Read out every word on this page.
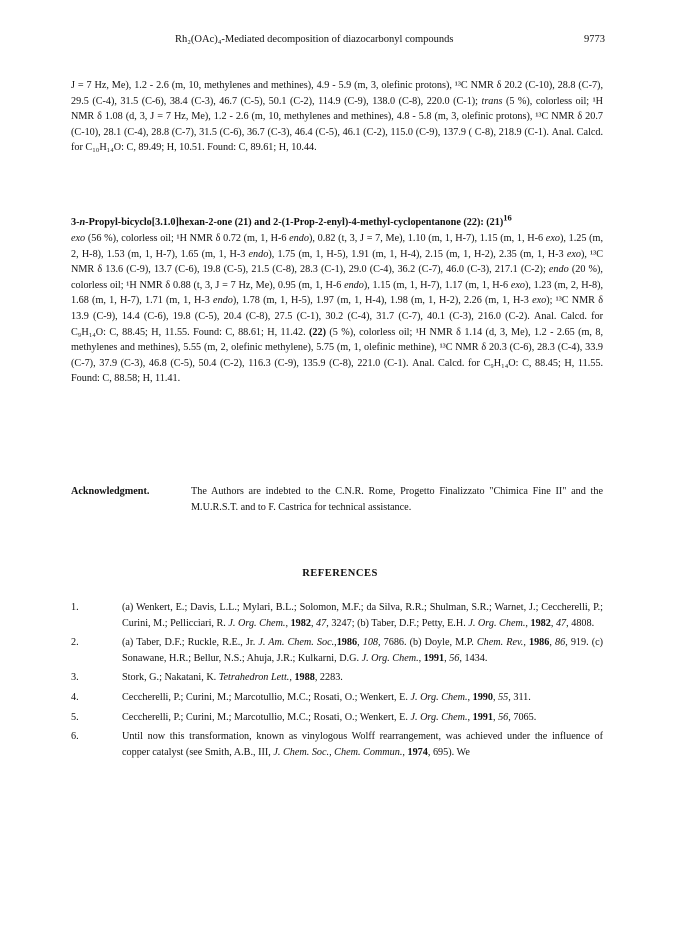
Rh₂(OAc)₄-Mediated decomposition of diazocarbonyl compounds	9773

J = 7 Hz, Me), 1.2 - 2.6 (m, 10, methylenes and methines), 4.9 - 5.9 (m, 3, olefinic protons), ¹³C NMR δ 20.2 (C-10), 28.8 (C-7), 29.5 (C-4), 31.5 (C-6), 38.4 (C-3), 46.7 (C-5), 50.1 (C-2), 114.9 (C-9), 138.0 (C-8), 220.0 (C-1); trans (5 %), colorless oil; ¹H NMR δ 1.08 (d, 3, J = 7 Hz, Me), 1.2 - 2.6 (m, 10, methylenes and methines), 4.8 - 5.8 (m, 3, olefinic protons), ¹³C NMR δ 20.7 (C-10), 28.1 (C-4), 28.8 (C-7), 31.5 (C-6), 36.7 (C-3), 46.4 (C-5), 46.1 (C-2), 115.0 (C-9), 137.9 ( C-8), 218.9 (C-1). Anal. Calcd. for C₁₀H₁₄O: C, 89.49; H, 10.51. Found: C, 89.61; H, 10.44.

3-n-Propyl-bicyclo[3.1.0]hexan-2-one (21) and 2-(1-Prop-2-enyl)-4-methyl-cyclopentanone (22): $(21)^{16}$
exo (56 %), colorless oil; ¹H NMR δ 0.72 (m, 1, H-6 endo), 0.82 (t, 3, J = 7, Me), 1.10 (m, 1, H-7), 1.15 (m, 1, H-6 exo), 1.25 (m, 2, H-8), 1.53 (m, 1, H-7), 1.65 (m, 1, H-3 endo), 1.75 (m, 1, H-5), 1.91 (m, 1, H-4), 2.15 (m, 1, H-2), 2.35 (m, 1, H-3 exo), ¹³C NMR δ 13.6 (C-9), 13.7 (C-6), 19.8 (C-5), 21.5 (C-8), 28.3 (C-1), 29.0 (C-4), 36.2 (C-7), 46.0 (C-3), 217.1 (C-2); endo (20 %), colorless oil; ¹H NMR δ 0.88 (t, 3, J = 7 Hz, Me), 0.95 (m, 1, H-6 endo), 1.15 (m, 1, H-7), 1.17 (m, 1, H-6 exo), 1.23 (m, 2, H-8), 1.68 (m, 1, H-7), 1.71 (m, 1, H-3 endo), 1.78 (m, 1, H-5), 1.97 (m, 1, H-4), 1.98 (m, 1, H-2), 2.26 (m, 1, H-3 exo); ¹³C NMR δ 13.9 (C-9), 14.4 (C-6), 19.8 (C-5), 20.4 (C-8), 27.5 (C-1), 30.2 (C-4), 31.7 (C-7), 40.1 (C-3), 216.0 (C-2). Anal. Calcd. for C₉H₁₄O: C, 88.45; H, 11.55. Found: C, 88.61; H, 11.42. (22) (5 %), colorless oil; ¹H NMR δ 1.14 (d, 3, Me), 1.2 - 2.65 (m, 8, methylenes and methines), 5.55 (m, 2, olefinic methylene), 5.75 (m, 1, olefinic methine), ¹³C NMR δ 20.3 (C-6), 28.3 (C-4), 33.9 (C-7), 37.9 (C-3), 46.8 (C-5), 50.4 (C-2), 116.3 (C-9), 135.9 (C-8), 221.0 (C-1). Anal. Calcd. for C₉H₁₄O: C, 88.45; H, 11.55. Found: C, 88.58; H, 11.41.

Acknowledgment.	The Authors are indebted to the C.N.R. Rome, Progetto Finalizzato "Chimica Fine II" and the M.U.R.S.T. and to F. Castrica for technical assistance.
REFERENCES
1.	(a) Wenkert, E.; Davis, L.L.; Mylari, B.L.; Solomon, M.F.; da Silva, R.R.; Shulman, S.R.; Warnet, J.; Ceccherelli, P.; Curini, M.; Pellicciari, R. J. Org. Chem., 1982, 47, 3247; (b) Taber, D.F.; Petty, E.H. J. Org. Chem., 1982, 47, 4808.
2.	(a) Taber, D.F.; Ruckle, R.E., Jr. J. Am. Chem. Soc.,1986, 108, 7686. (b) Doyle, M.P. Chem. Rev., 1986, 86, 919. (c) Sonawane, H.R.; Bellur, N.S.; Ahuja, J.R.; Kulkarni, D.G. J. Org. Chem., 1991, 56, 1434.
3.	Stork, G.; Nakatani, K. Tetrahedron Lett., 1988, 2283.
4.	Ceccherelli, P.; Curini, M.; Marcotullio, M.C.; Rosati, O.; Wenkert, E. J. Org. Chem., 1990, 55, 311.
5.	Ceccherelli, P.; Curini, M.; Marcotullio, M.C.; Rosati, O.; Wenkert, E. J. Org. Chem., 1991, 56, 7065.
6.	Until now this transformation, known as vinylogous Wolff rearrangement, was achieved under the influence of copper catalyst (see Smith, A.B., III, J. Chem. Soc., Chem. Commun., 1974, 695). We
